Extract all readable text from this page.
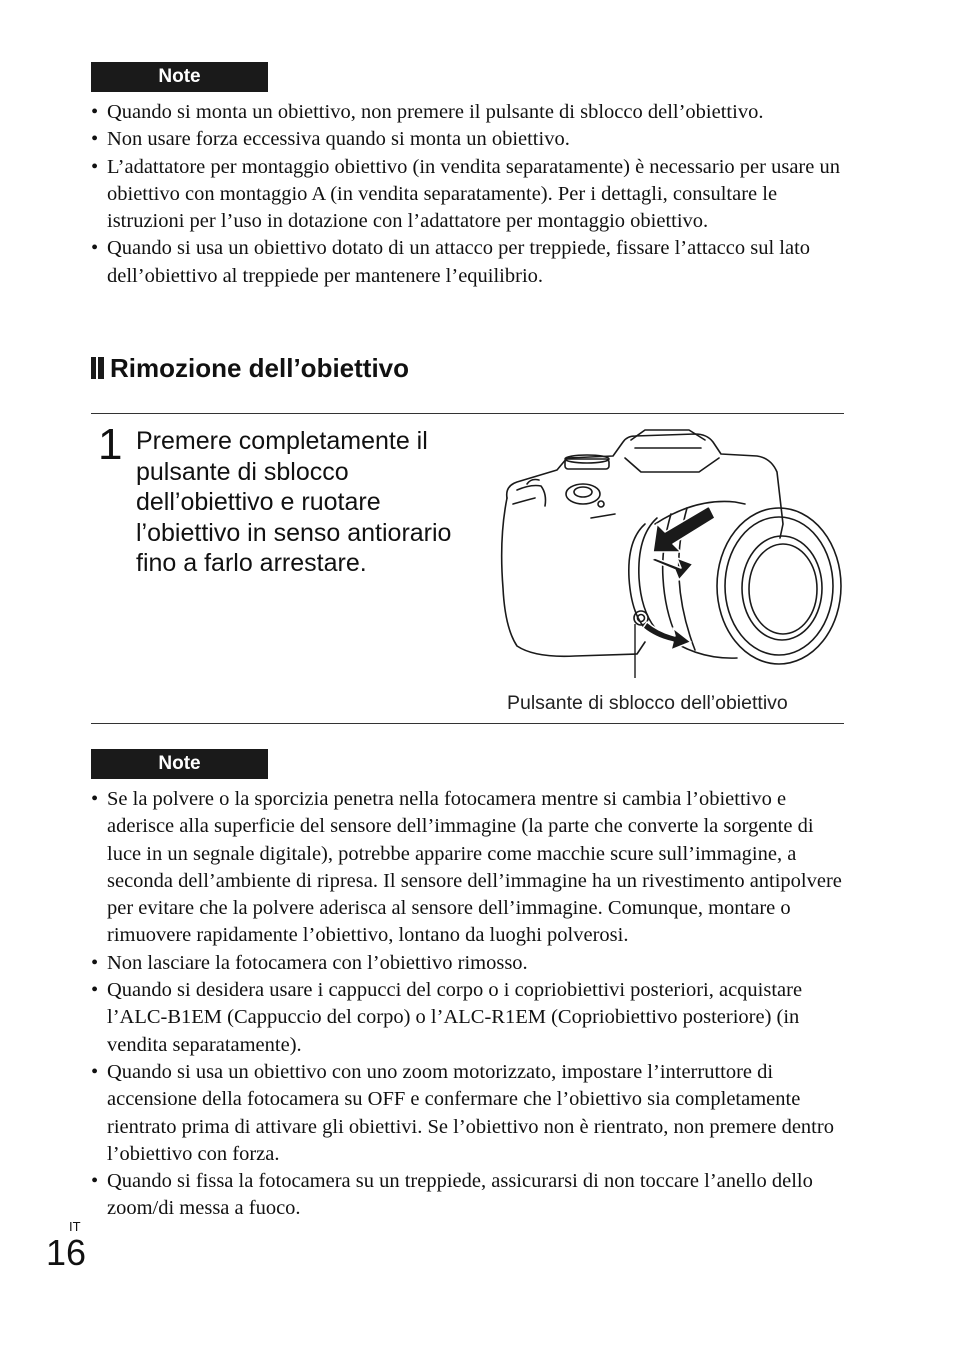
Note
• Quando si monta un obiettivo, non premere il pulsante di sblocco dell’obiettivo.
• Non usare forza eccessiva quando si monta un obiettivo.
• L’adattatore per montaggio obiettivo (in vendita separatamente) è necessario per usare un obiettivo con montaggio A (in vendita separatamente). Per i dettagli, consultare le istruzioni per l’uso in dotazione con l’adattatore per montaggio obiettivo.
• Quando si usa un obiettivo dotato di un attacco per treppiede, fissare l’attacco sul lato dell’obiettivo al treppiede per mantenere l’equilibrio.
Rimozione dell’obiettivo
1 Premere completamente il pulsante di sblocco dell’obiettivo e ruotare l’obiettivo in senso antiorario fino a farlo arrestare.
Pulsante di sblocco dell’obiettivo
Note
• Se la polvere o la sporcizia penetra nella fotocamera mentre si cambia l’obiettivo e aderisce alla superficie del sensore dell’immagine (la parte che converte la sorgente di luce in un segnale digitale), potrebbe apparire come macchie scure sull’immagine, a seconda dell’ambiente di ripresa. Il sensore dell’immagine ha un rivestimento antipolvere per evitare che la polvere aderisca al sensore dell’immagine. Comunque, montare o rimuovere rapidamente l’obiettivo, lontano da luoghi polverosi.
• Non lasciare la fotocamera con l’obiettivo rimosso.
• Quando si desidera usare i cappucci del corpo o i copriobiettivi posteriori, acquistare l’ALC-B1EM (Cappuccio del corpo) o l’ALC-R1EM (Copriobiettivo posteriore) (in vendita separatamente).
• Quando si usa un obiettivo con uno zoom motorizzato, impostare l’interruttore di accensione della fotocamera su OFF e confermare che l’obiettivo sia completamente rientrato prima di attivare gli obiettivi. Se l’obiettivo non è rientrato, non premere dentro l’obiettivo con forza.
• Quando si fissa la fotocamera su un treppiede, assicurarsi di non toccare l’anello dello zoom/di messa a fuoco.
IT
16
